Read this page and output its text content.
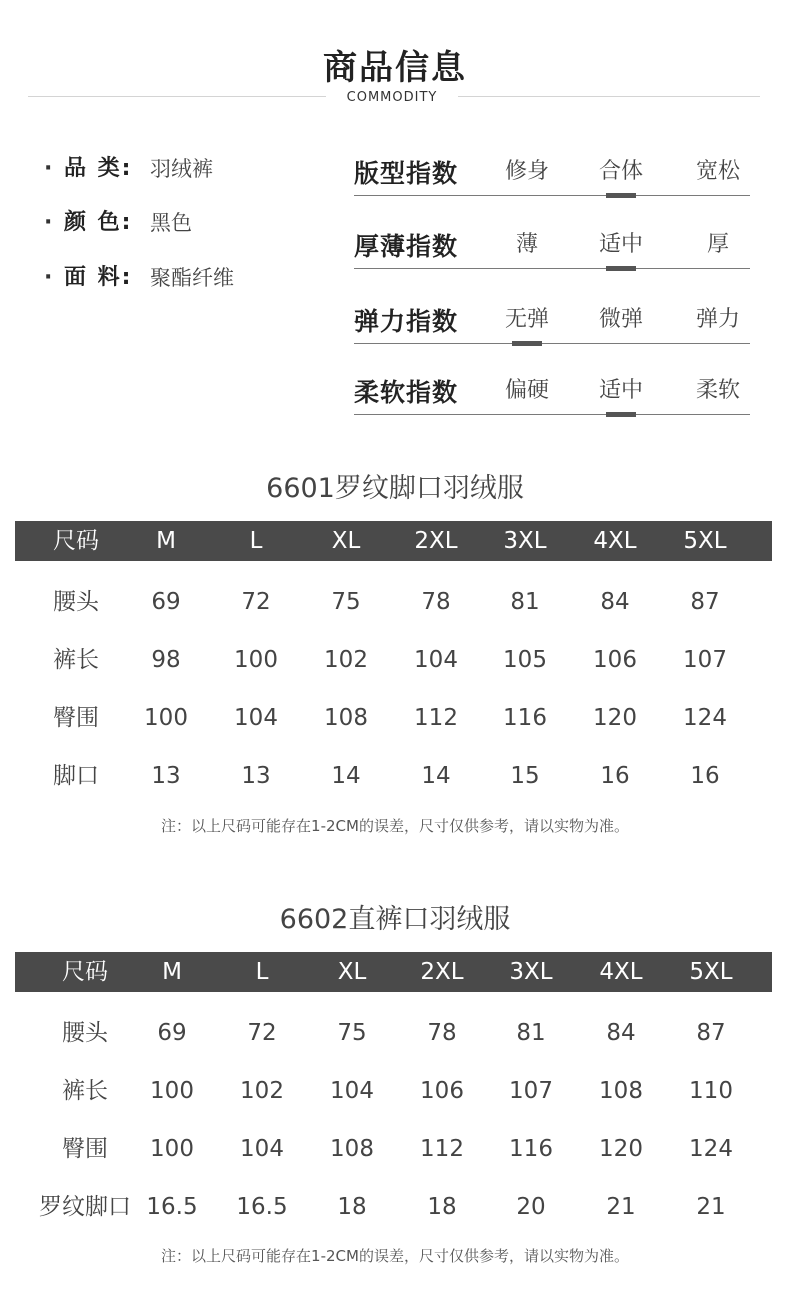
商品信息
COMMODITY
· 品 类: 羽绒裤
· 颜 色: 黑色
· 面 料: 聚酯纤维
版型指数	修身	合体	宽松
厚薄指数	薄	适中	厚
弹力指数	无弹	微弹	弹力
柔软指数	偏硬	适中	柔软
6601罗纹脚口羽绒服
尺码	M	L	XL	2XL	3XL	4XL	5XL
腰头	69	72	75	78	81	84	87
裤长	98	100	102	104	105	106	107
臀围	100	104	108	112	116	120	124
脚口	13	13	14	14	15	16	16
注：以上尺码可能存在1-2CM的误差，尺寸仅供参考，请以实物为准。
6602直裤口羽绒服
尺码	M	L	XL	2XL	3XL	4XL	5XL
腰头	69	72	75	78	81	84	87
裤长	100	102	104	106	107	108	110
臀围	100	104	108	112	116	120	124
罗纹脚口 16.5	16.5	18	18	20	21	21
注：以上尺码可能存在1-2CM的误差，尺寸仅供参考，请以实物为准。
